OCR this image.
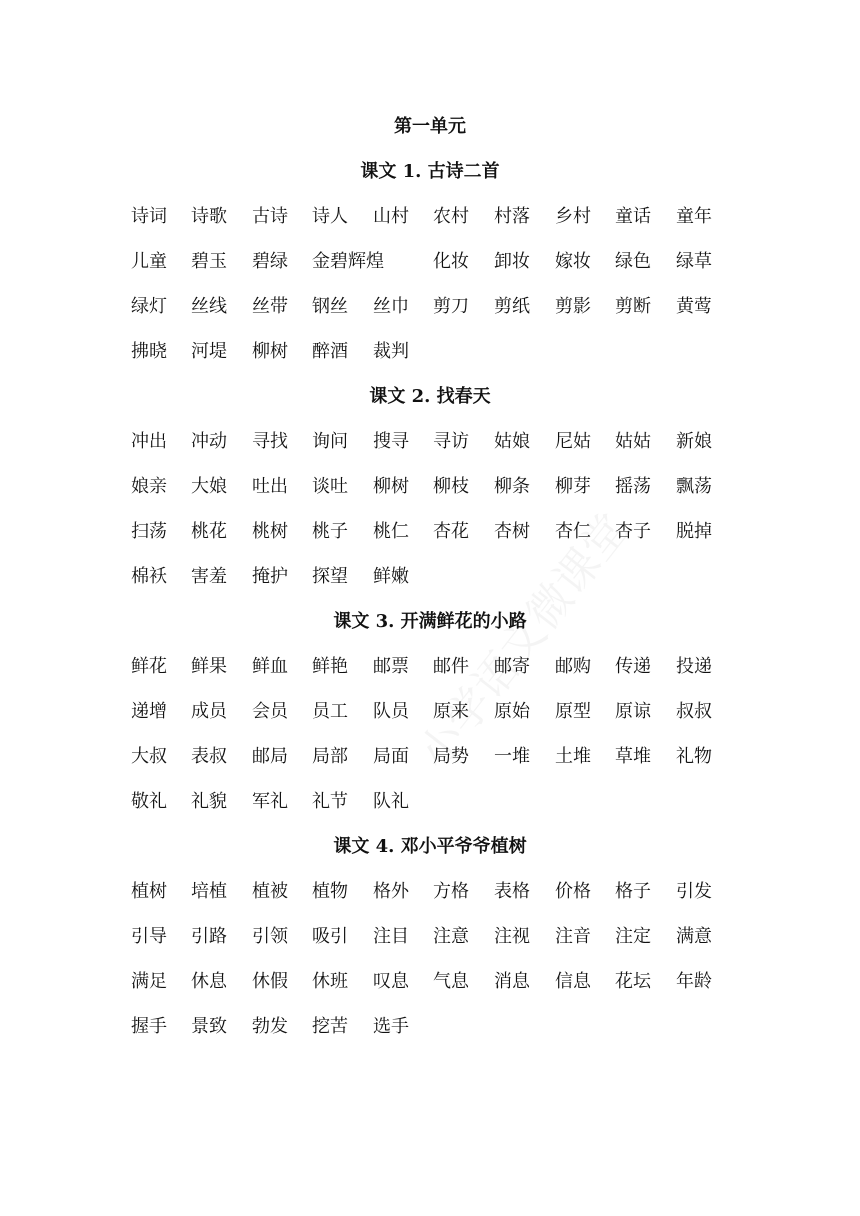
第一单元
课文 1. 古诗二首
诗词 诗歌 古诗 诗人 山村 农村 村落 乡村 童话 童年
儿童 碧玉 碧绿 金碧辉煌	化妆 卸妆 嫁妆 绿色 绿草
绿灯 丝线 丝带 钢丝 丝巾 剪刀 剪纸 剪影 剪断 黄莺
拂晓 河堤 柳树 醉酒 裁判
课文 2. 找春天
冲出 冲动 寻找 询问 搜寻 寻访 姑娘 尼姑 姑姑 新娘
娘亲 大娘 吐出 谈吐 柳树 柳枝 柳条 柳芽 摇荡 飘荡
扫荡 桃花 桃树 桃子 桃仁 杏花 杏树 杏仁 杏子 脱掉
棉袄 害羞 掩护 探望 鲜嫩
课文 3. 开满鲜花的小路
鲜花 鲜果 鲜血 鲜艳 邮票 邮件 邮寄 邮购 传递 投递
递增 成员 会员 员工 队员 原来 原始 原型 原谅 叔叔
大叔 表叔 邮局 局部 局面 局势 一堆 土堆 草堆 礼物
敬礼 礼貌 军礼 礼节 队礼
课文 4. 邓小平爷爷植树
植树 培植 植被 植物 格外 方格 表格 价格 格子 引发
引导 引路 引领 吸引 注目 注意 注视 注音 注定 满意
满足 休息 休假 休班 叹息 气息 消息 信息 花坛 年龄
握手 景致 勃发 挖苦 选手
